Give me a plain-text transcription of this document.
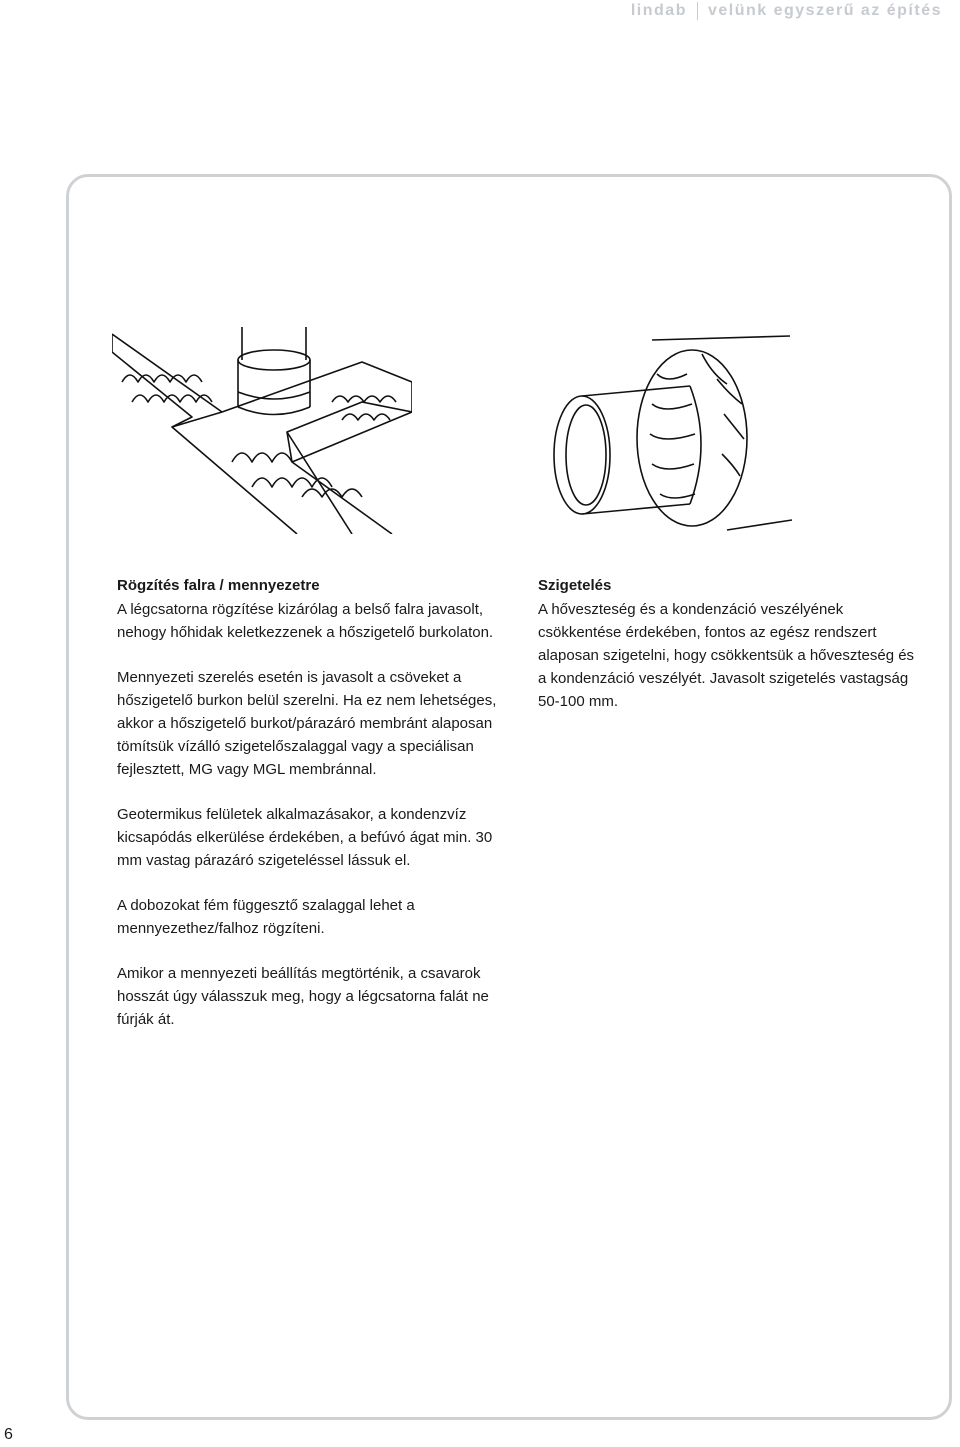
lindab velünk egyszerű az építés
Rögzítés falra / mennyezetre

A légcsatorna rögzítése kizárólag a belső falra javasolt, nehogy hőhidak keletkezzenek a hőszigetelő burkolaton.

Mennyezeti szerelés esetén is javasolt a csöveket a hőszigetelő burkon belül szerelni. Ha ez nem lehetséges, akkor a hőszigetelő burkot/párazáró membránt alaposan tömítsük vízálló szigetelőszalaggal vagy a speciálisan fejlesztett, MG vagy MGL membránnal.

Geotermikus felületek alkalmazásakor, a kondenzvíz kicsapódás elkerülése érdekében, a befúvó ágat min. 30 mm vastag párazáró szigeteléssel lássuk el.

A dobozokat fém függesztő szalaggal lehet a mennyezethez/falhoz rögzíteni.

Amikor a mennyezeti beállítás megtörténik, a csavarok hosszát úgy válasszuk meg, hogy a légcsatorna falát ne fúrják át.

Szigetelés

A hőveszteség és a kondenzáció veszélyének csökkentése érdekében, fontos az egész rendszert alaposan szigetelni, hogy csökkentsük a hőveszteség és a kondenzáció veszélyét. Javasolt szigetelés vastagság 50-100 mm.

6
